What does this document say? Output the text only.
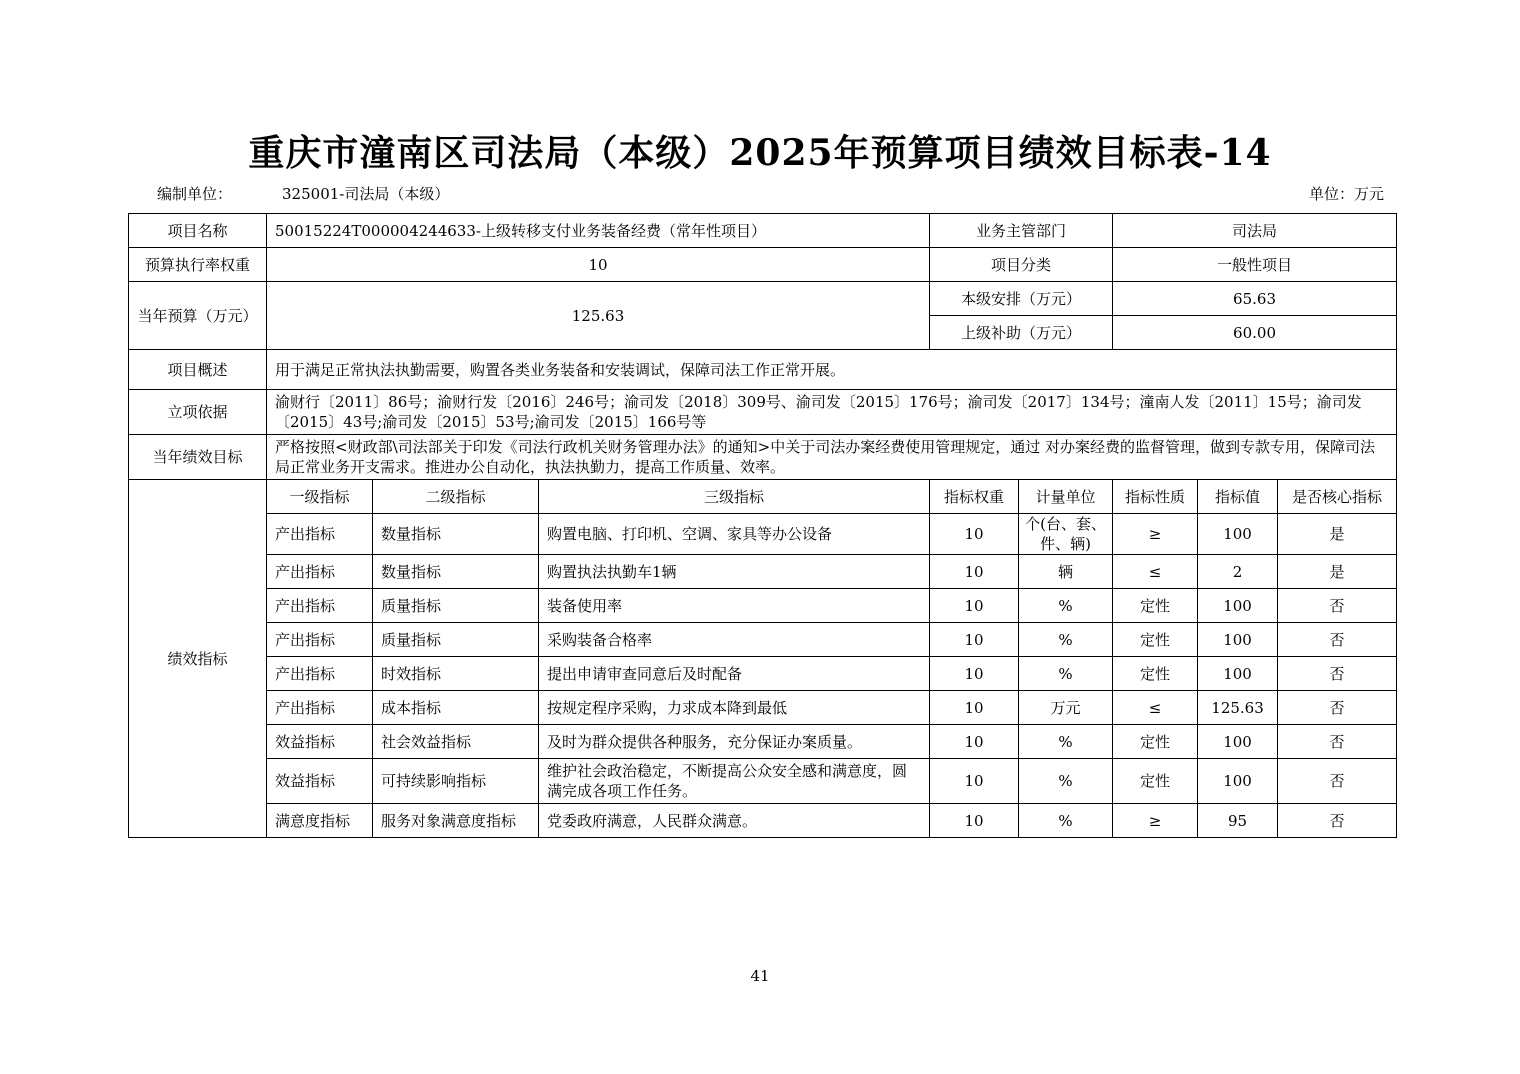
重庆市潼南区司法局（本级）2025年预算项目绩效目标表-14
编制单位：	325001-司法局（本级）	单位：万元
项目名称	50015224T000004244633-上级转移支付业务装备经费（常年性项目）			业务主管部门		司法局		
预算执行率权重	10			项目分类		一般性项目		
当年预算（万元）	125.63			本级安排（万元）		65.63		
				上级补助（万元）		60.00		
项目概述	用于满足正常执法执勤需要，购置各类业务装备和安装调试，保障司法工作正常开展。							
立项依据	渝财行〔2011〕86号；渝财行发〔2016〕246号；渝司发〔2018〕309号、渝司发〔2015〕176号；渝司发〔2017〕134号；潼南人发〔2011〕15号；渝司发〔2015〕43号;渝司发〔2015〕53号;渝司发〔2015〕166号等							
当年绩效目标	严格按照<财政部\司法部关于印发《司法行政机关财务管理办法》的通知>中关于司法办案经费使用管理规定，通过 对办案经费的监督管理，做到专款专用，保障司法局正常业务开支需求。推进办公自动化，执法执勤力，提高工作质量、效率。							
绩效指标	一级指标	二级指标	三级指标	指标权重	计量单位	指标性质	指标值	是否核心指标
	产出指标	数量指标	购置电脑、打印机、空调、家具等办公设备	10	个(台、套、件、辆)	≥	100	是
	产出指标	数量指标	购置执法执勤车1辆	10	辆	≤	2	是
	产出指标	质量指标	装备使用率	10	%	定性	100	否
	产出指标	质量指标	采购装备合格率	10	%	定性	100	否
	产出指标	时效指标	提出申请审查同意后及时配备	10	%	定性	100	否
	产出指标	成本指标	按规定程序采购，力求成本降到最低	10	万元	≤	125.63	否
	效益指标	社会效益指标	及时为群众提供各种服务，充分保证办案质量。	10	%	定性	100	否
	效益指标	可持续影响指标	维护社会政治稳定，不断提高公众安全感和满意度，圆满完成各项工作任务。	10	%	定性	100	否
	满意度指标	服务对象满意度指标	党委政府满意，人民群众满意。	10	%	≥	95	否
41
